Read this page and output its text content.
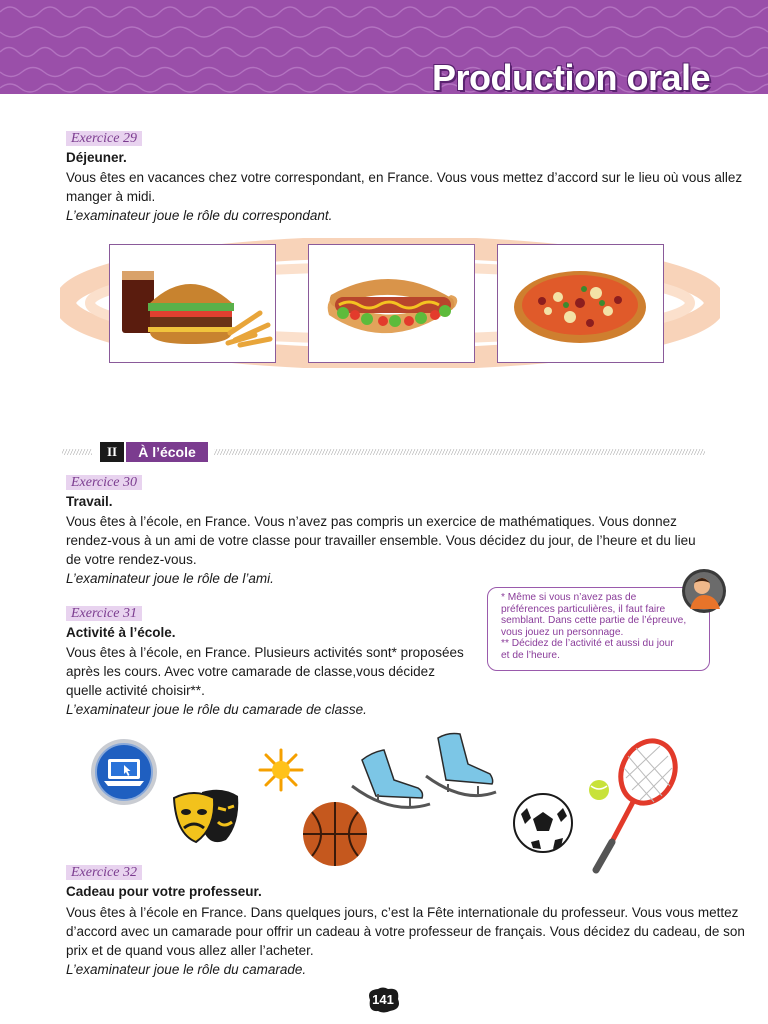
Production orale
Exercice 29
Déjeuner.

Vous êtes en vacances chez votre correspondant, en France. Vous vous mettez d’accord sur le lieu où vous allez
manger à midi.
L’examinateur joue le rôle du correspondant.

II	À l’école
Exercice 30
Travail.

Vous êtes à l’école, en France. Vous n’avez pas compris un exercice de mathématiques. Vous donnez
rendez-vous à un ami de votre classe pour travailler ensemble. Vous décidez du jour, de l’heure et du lieu
de votre rendez-vous.
L’examinateur joue le rôle de l’ami.

Exercice 31
Activité à l’école.

Vous êtes à l’école, en France. Plusieurs activités sont* proposées
après les cours. Avec votre camarade de classe,vous décidez
quelle activité choisir**.
L’examinateur joue le rôle du camarade de classe.

* Même si vous n’avez pas de
préférences particulières, il faut faire
semblant. Dans cette partie de l’épreuve,
vous jouez un personnage.
** Décidez de l’activité et aussi du jour
et de l’heure.

Exercice 32
Cadeau pour votre professeur.

Vous êtes à l’école en France. Dans quelques jours, c’est la Fête internationale du professeur. Vous vous mettez
d’accord avec un camarade pour offrir un cadeau à votre professeur de français. Vous décidez du cadeau, de son
prix et de quand vous allez aller l’acheter.
L’examinateur joue le rôle du camarade.

141
